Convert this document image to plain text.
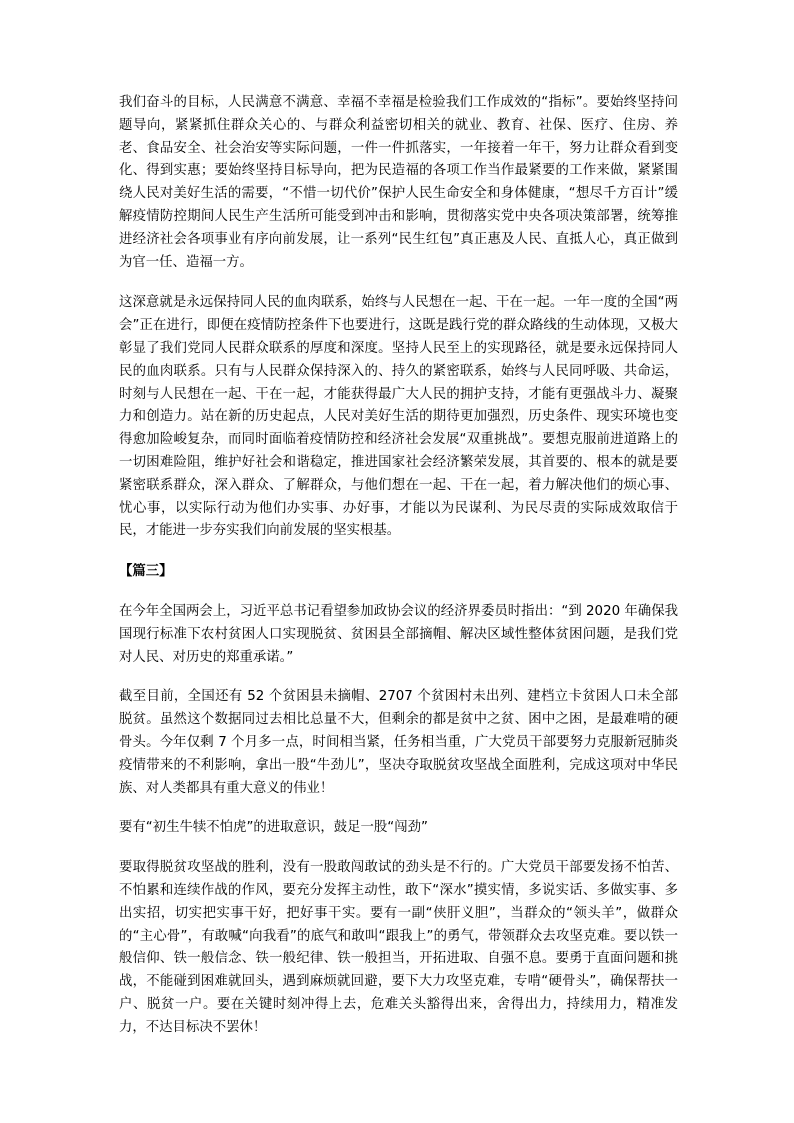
我们奋斗的目标，人民满意不满意、幸福不幸福是检验我们工作成效的“指标”。要始终坚持问题导向，紧紧抓住群众关心的、与群众利益密切相关的就业、教育、社保、医疗、住房、养老、食品安全、社会治安等实际问题，一件一件抓落实，一年接着一年干，努力让群众看到变化、得到实惠；要始终坚持目标导向，把为民造福的各项工作当作最紧要的工作来做，紧紧围绕人民对美好生活的需要，“不惜一切代价”保护人民生命安全和身体健康，“想尽千方百计”缓解疫情防控期间人民生产生活所可能受到冲击和影响，贯彻落实党中央各项决策部署，统筹推进经济社会各项事业有序向前发展，让一系列“民生红包”真正惠及人民、直抵人心，真正做到为官一任、造福一方。

这深意就是永远保持同人民的血肉联系，始终与人民想在一起、干在一起。一年一度的全国“两会”正在进行，即便在疫情防控条件下也要进行，这既是践行党的群众路线的生动体现，又极大彰显了我们党同人民群众联系的厚度和深度。坚持人民至上的实现路径，就是要永远保持同人民的血肉联系。只有与人民群众保持深入的、持久的紧密联系，始终与人民同呼吸、共命运，时刻与人民想在一起、干在一起，才能获得最广大人民的拥护支持，才能有更强战斗力、凝聚力和创造力。站在新的历史起点，人民对美好生活的期待更加强烈，历史条件、现实环境也变得愈加险峻复杂，而同时面临着疫情防控和经济社会发展“双重挑战”。要想克服前进道路上的一切困难险阻，维护好社会和谐稳定，推进国家社会经济繁荣发展，其首要的、根本的就是要紧密联系群众，深入群众、了解群众，与他们想在一起、干在一起，着力解决他们的烦心事、忧心事，以实际行动为他们办实事、办好事，才能以为民谋利、为民尽责的实际成效取信于民，才能进一步夯实我们向前发展的坚实根基。

【篇三】

在今年全国两会上，习近平总书记看望参加政协会议的经济界委员时指出：“到 2020 年确保我国现行标准下农村贫困人口实现脱贫、贫困县全部摘帽、解决区域性整体贫困问题，是我们党对人民、对历史的郑重承诺。”

截至目前，全国还有 52 个贫困县未摘帽、2707 个贫困村未出列、建档立卡贫困人口未全部脱贫。虽然这个数据同过去相比总量不大，但剩余的都是贫中之贫、困中之困，是最难啃的硬骨头。今年仅剩 7 个月多一点，时间相当紧，任务相当重，广大党员干部要努力克服新冠肺炎疫情带来的不利影响，拿出一股“牛劲儿”，坚决夺取脱贫攻坚战全面胜利，完成这项对中华民族、对人类都具有重大意义的伟业！

要有“初生牛犊不怕虎”的进取意识，鼓足一股“闯劲”

要取得脱贫攻坚战的胜利，没有一股敢闯敢试的劲头是不行的。广大党员干部要发扬不怕苦、不怕累和连续作战的作风，要充分发挥主动性，敢下“深水”摸实情，多说实话、多做实事、多出实招，切实把实事干好，把好事干实。要有一副“侠肝义胆”，当群众的“领头羊”，做群众的“主心骨”，有敢喊“向我看”的底气和敢叫“跟我上”的勇气，带领群众去攻坚克难。要以铁一般信仰、铁一般信念、铁一般纪律、铁一般担当，开拓进取、自强不息。要勇于直面问题和挑战，不能碰到困难就回头，遇到麻烦就回避，要下大力攻坚克难，专啃“硬骨头”，确保帮扶一户、脱贫一户。要在关键时刻冲得上去，危难关头豁得出来，舍得出力，持续用力，精准发力，不达目标决不罢休！
